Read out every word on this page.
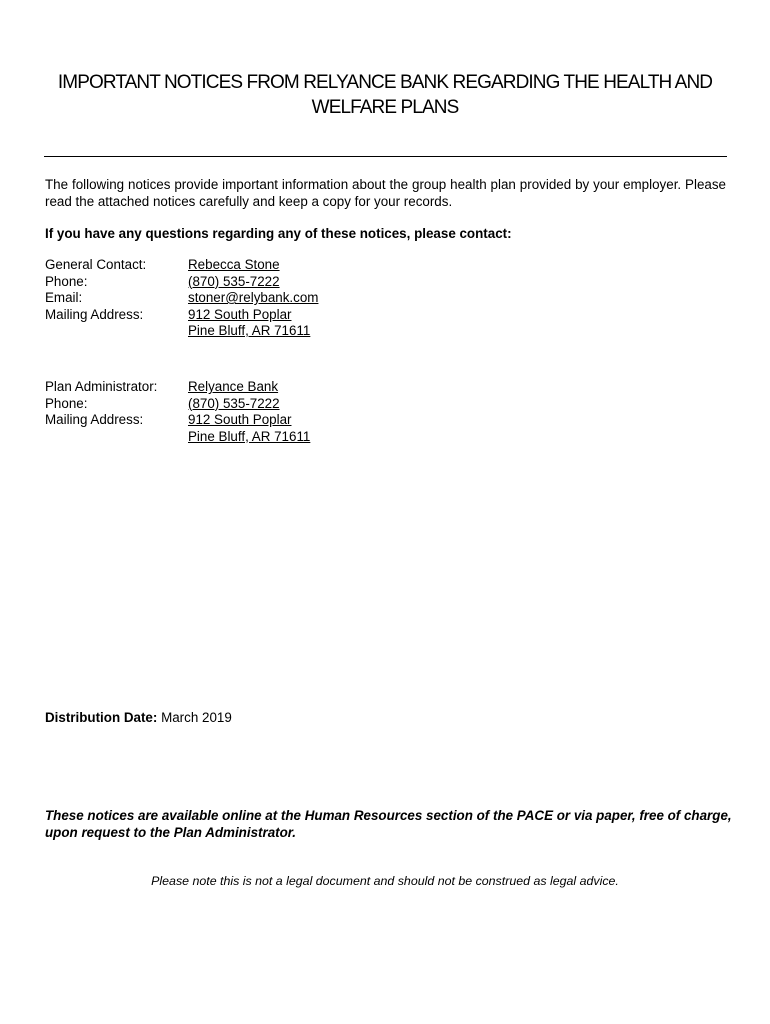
IMPORTANT NOTICES FROM RELYANCE BANK REGARDING THE HEALTH AND
WELFARE PLANS

The following notices provide important information about the group health plan provided by your employer. Please read the attached notices carefully and keep a copy for your records.

If you have any questions regarding any of these notices, please contact:

General Contact:	Rebecca Stone
Phone:	(870) 535-7222
Email:	stoner@relybank.com
Mailing Address:	912 South Poplar
Pine Bluff, AR 71611
Plan Administrator:	Relyance Bank
Phone:	(870) 535-7222
Mailing Address:	912 South Poplar
Pine Bluff, AR 71611

Distribution Date: March 2019

These notices are available online at the Human Resources section of the PACE or via paper, free of charge, upon request to the Plan Administrator.

Please note this is not a legal document and should not be construed as legal advice.
